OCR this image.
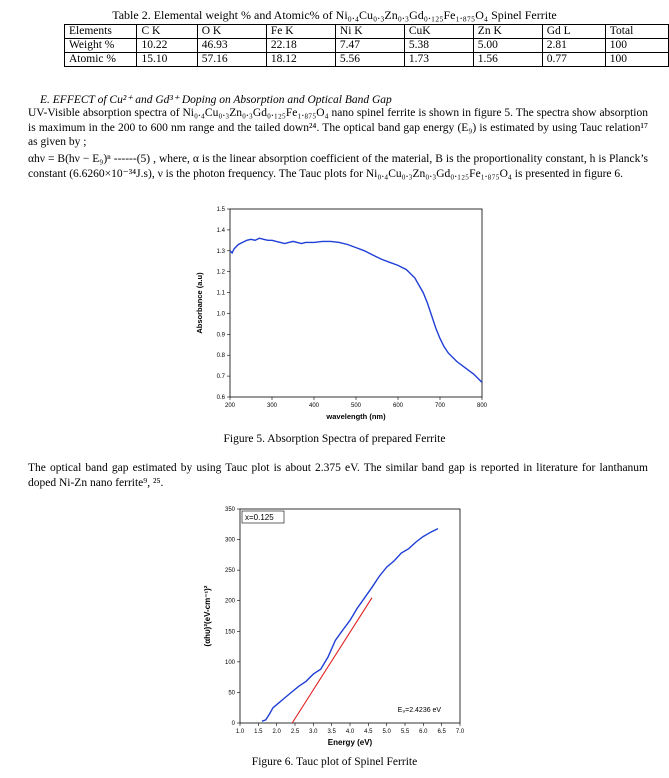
Table 2. Elemental weight % and Atomic% of Ni₀.₄Cu₀.₃Zn₀.₃Gd₀.₁₂₅Fe₁.₈₇₅O₄ Spinel Ferrite
Elements	C K	O K	Fe K	Ni K	CuK	Zn K	Gd L	Total
Weight %	10.22	46.93	22.18	7.47	5.38	5.00	2.81	100
Atomic %	15.10	57.16	18.12	5.56	1.73	1.56	0.77	100
E. EFFECT of Cu²⁺ and Gd³⁺ Doping on Absorption and Optical Band Gap
UV-Visible absorption spectra of Ni₀.₄Cu₀.₃Zn₀.₃Gd₀.₁₂₅Fe₁.₈₇₅O₄ nano spinel ferrite is shown in figure 5. The spectra show absorption is maximum in the 200 to 600 nm range and the tailed down²⁴. The optical band gap energy (E₉) is estimated by using Tauc relation¹⁷ as given by ;
αhν = B(hν − E₉)ⁿ ------(5) , where, α is the linear absorption coefficient of the material, B is the proportionality constant, h is Planck’s constant (6.6260×10⁻³⁴J.s), ν is the photon frequency. The Tauc plots for Ni₀.₄Cu₀.₃Zn₀.₃Gd₀.₁₂₅Fe₁.₈₇₅O₄ is presented in figure 6.
200	300	400	500	600	700	800
0.6
0.7
0.8
0.9
1.0
1.1
1.2
1.3
1.4
1.5
wavelength (nm)
Absorbance (a.u)
Figure 5. Absorption Spectra of prepared Ferrite
The optical band gap estimated by using Tauc plot is about 2.375 eV. The similar band gap is reported in literature for lanthanum doped Ni-Zn nano ferrite⁹, ²⁵.
1.0 1.5 2.0 2.5 3.0 3.5 4.0 4.5 5.0 5.5 6.0 6.5 7.0
0
50
100
150
200
250
300
350
Energy (eV)
(αhυ)²(eV-cm⁻¹)²
x=0.125
E₉=2.4236 eV
Figure 6. Tauc plot of Spinel Ferrite
